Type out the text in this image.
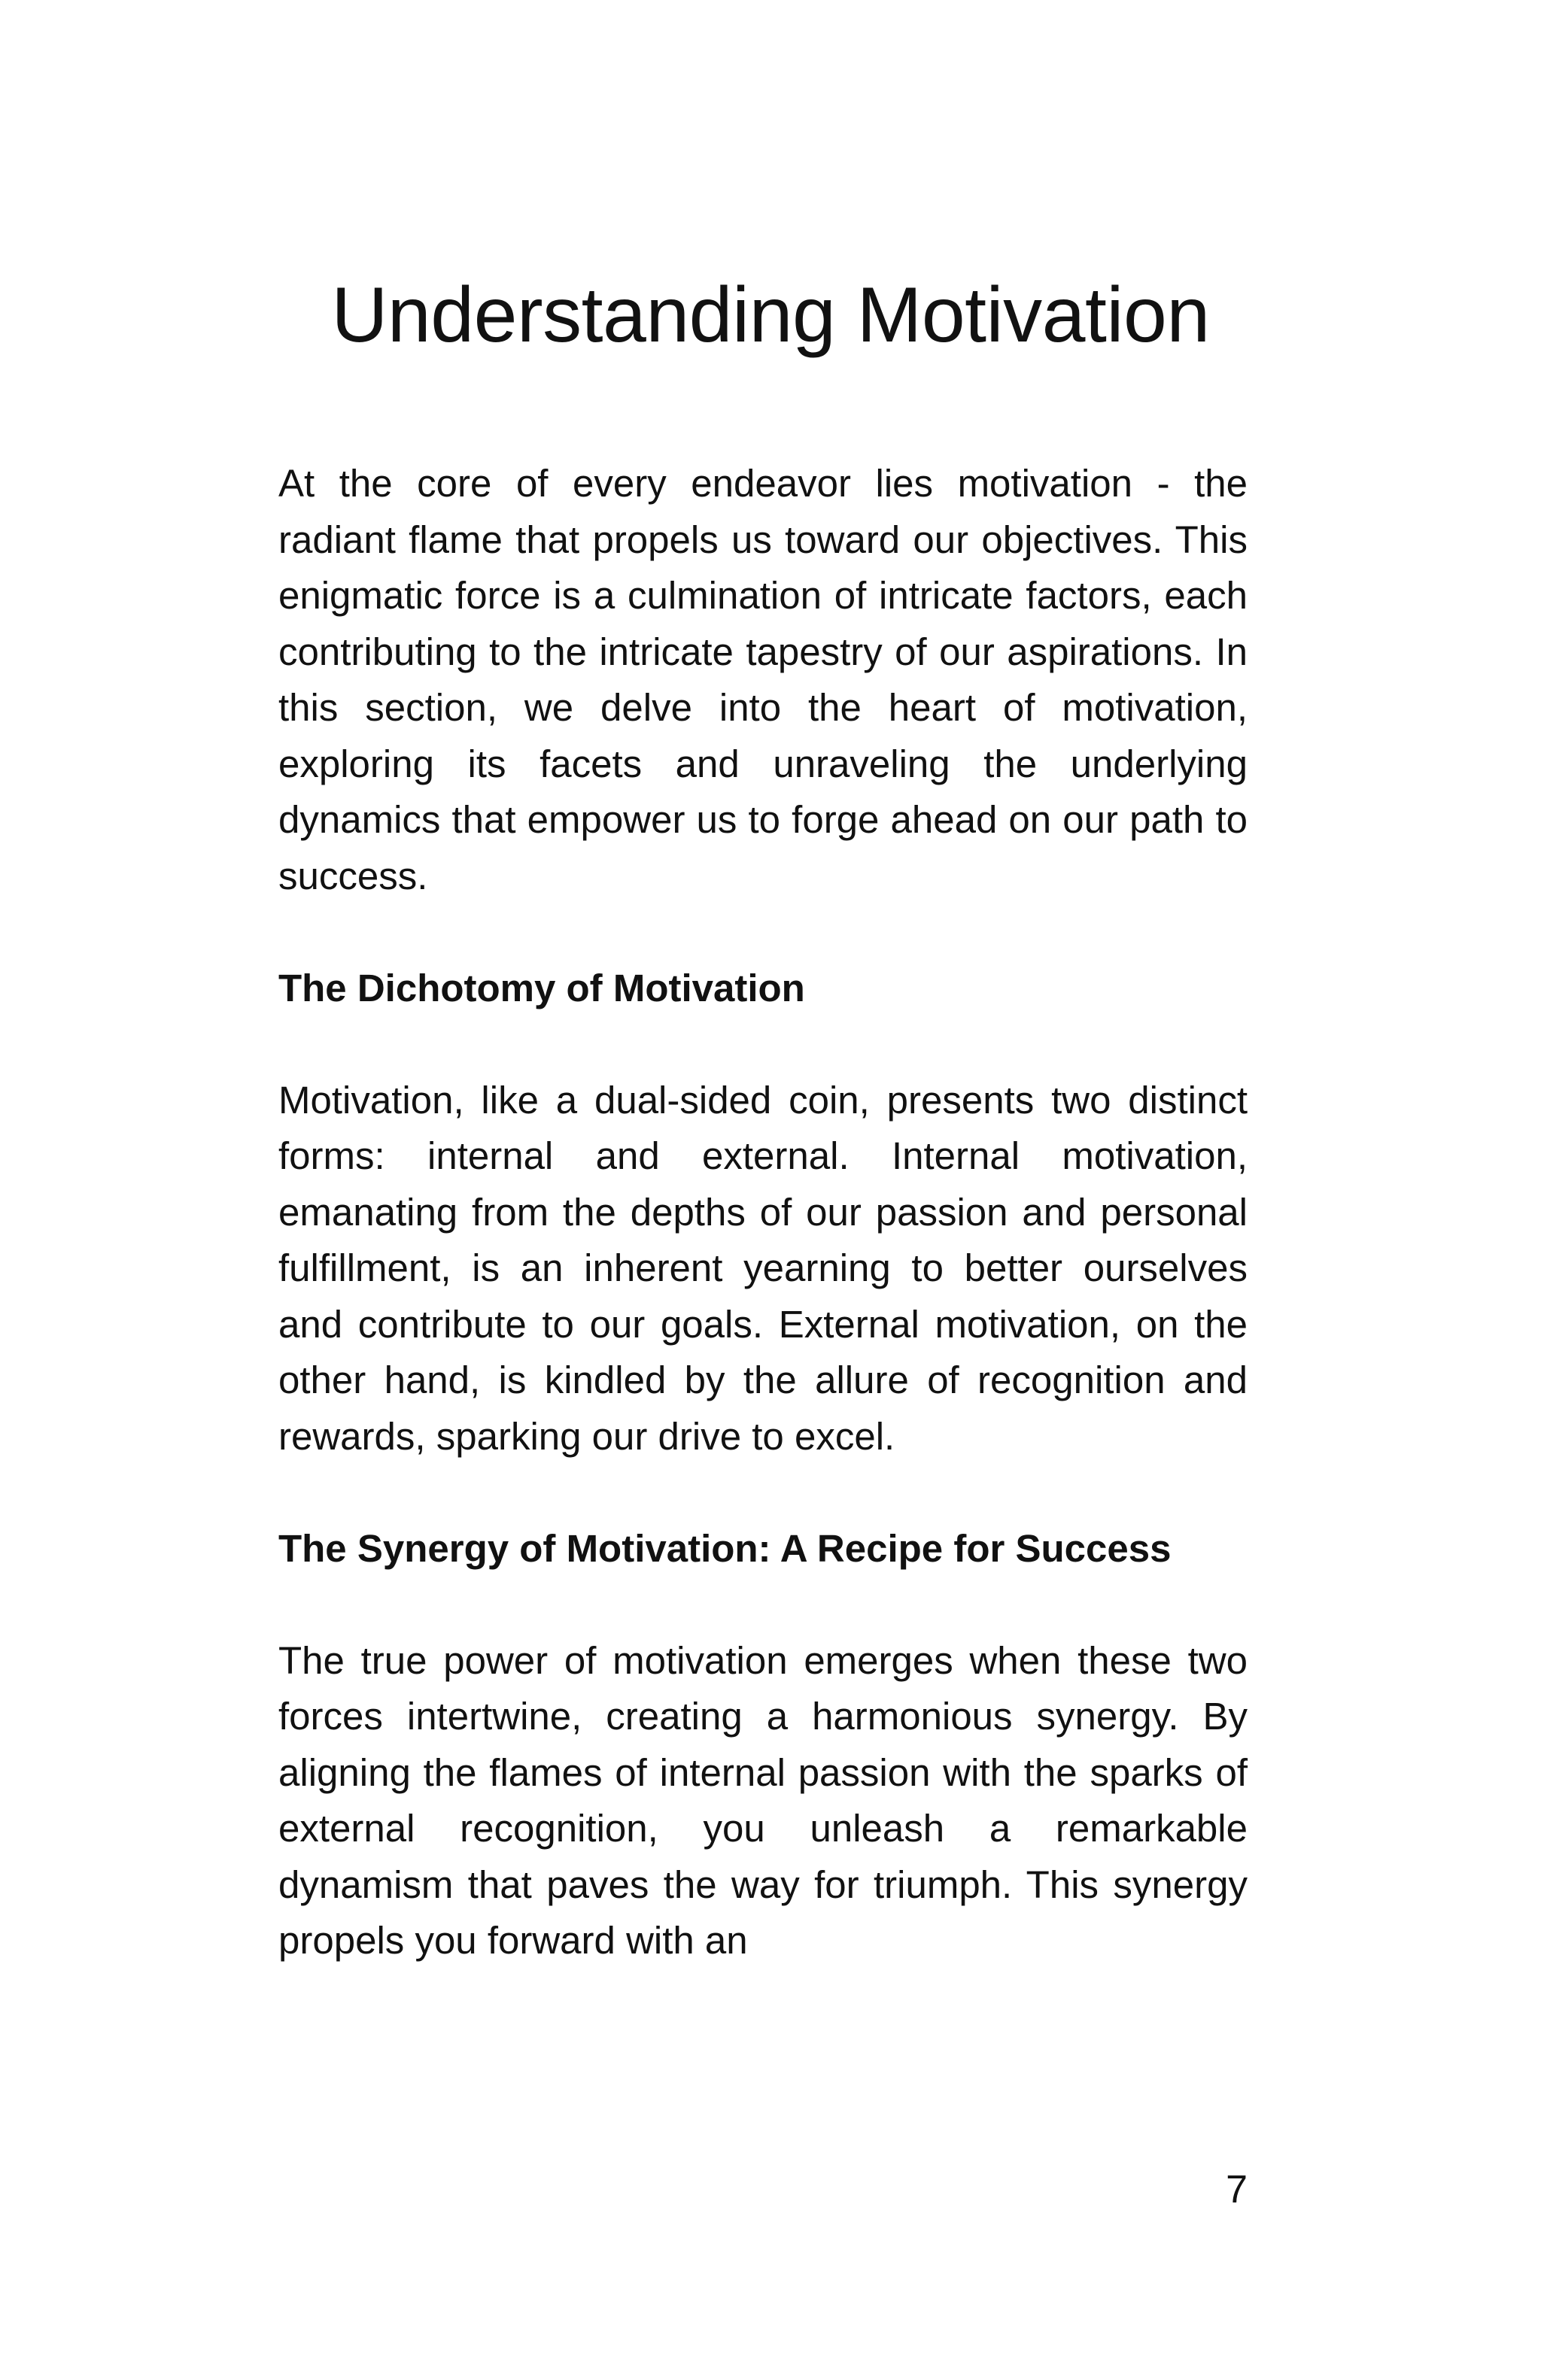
Understanding Motivation

At the core of every endeavor lies motivation - the radiant flame that propels us toward our objectives. This enigmatic force is a culmination of intricate factors, each contributing to the intricate tapestry of our aspirations. In this section, we delve into the heart of motivation, exploring its facets and unraveling the underlying dynamics that empower us to forge ahead on our path to success.

The Dichotomy of Motivation

Motivation, like a dual-sided coin, presents two distinct forms: internal and external. Internal motivation, emanating from the depths of our passion and personal fulfillment, is an inherent yearning to better ourselves and contribute to our goals. External motivation, on the other hand, is kindled by the allure of recognition and rewards, sparking our drive to excel.

The Synergy of Motivation: A Recipe for Success

The true power of motivation emerges when these two forces intertwine, creating a harmonious synergy. By aligning the flames of internal passion with the sparks of external recognition, you unleash a remarkable dynamism that paves the way for triumph. This synergy propels you forward with an

7
